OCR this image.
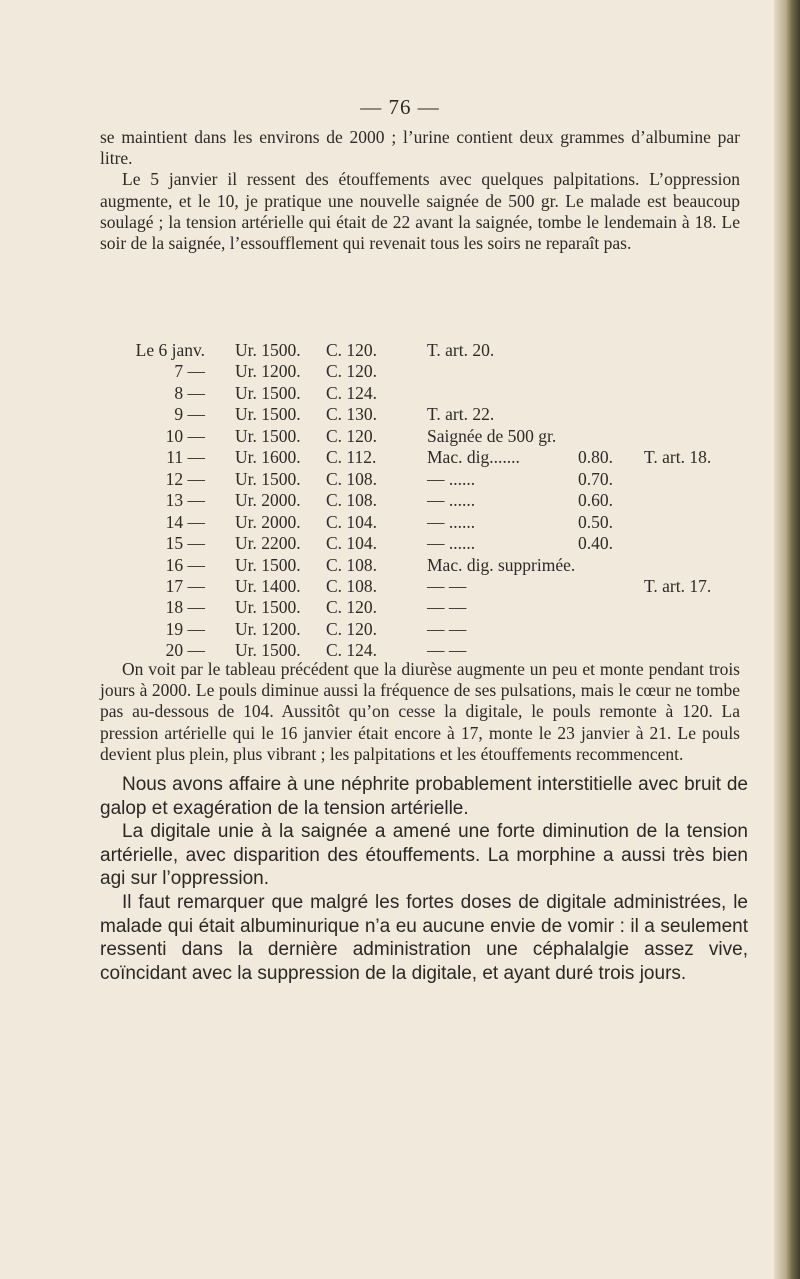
— 76 —

se maintient dans les environs de 2000 ; l’urine contient deux grammes d’albumine par litre.

Le 5 janvier il ressent des étouffements avec quelques palpitations. L’oppression augmente, et le 10, je pratique une nouvelle saignée de 500 gr. Le malade est beaucoup soulagé ; la tension artérielle qui était de 22 avant la saignée, tombe le lendemain à 18. Le soir de la saignée, l’essoufflement qui revenait tous les soirs ne reparaît pas.

Le 6 janv. Ur. 1500. C. 120.	T. art. 20.
7 — Ur. 1200. C. 120.
8 — Ur. 1500. C. 124.
9 — Ur. 1500. C. 130.	T. art. 22.
10 — Ur. 1500. C. 120.	Saignée de 500 gr.
11 — Ur. 1600. C. 112.	Mac. dig.......	0.80. T. art. 18.
12 — Ur. 1500. C. 108.	— ......	0.70.
13 — Ur. 2000. C. 108.	— ......	0.60.
14 — Ur. 2000. C. 104.	— ......	0.50.
15 — Ur. 2200. C. 104.	— ......	0.40.
16 — Ur. 1500. C. 108.	Mac. dig. supprimée.
17 — Ur. 1400. C. 108.	— —	T. art. 17.
18 — Ur. 1500. C. 120.	— —
19 — Ur. 1200. C. 120.	— —
20 — Ur. 1500. C. 124.	— —

On voit par le tableau précédent que la diurèse augmente un peu et monte pendant trois jours à 2000. Le pouls diminue aussi la fréquence de ses pulsations, mais le cœur ne tombe pas au-dessous de 104. Aussitôt qu’on cesse la digitale, le pouls remonte à 120. La pression artérielle qui le 16 janvier était encore à 17, monte le 23 janvier à 21. Le pouls devient plus plein, plus vibrant ; les palpitations et les étouffements recommencent.

Nous avons affaire à une néphrite probablement interstitielle avec bruit de galop et exagération de la tension artérielle.

La digitale unie à la saignée a amené une forte diminution de la tension artérielle, avec disparition des étouffements. La morphine a aussi très bien agi sur l’oppression.

Il faut remarquer que malgré les fortes doses de digitale administrées, le malade qui était albuminurique n’a eu aucune envie de vomir : il a seulement ressenti dans la dernière administration une céphalalgie assez vive, coïncidant avec la suppression de la digitale, et ayant duré trois jours.
